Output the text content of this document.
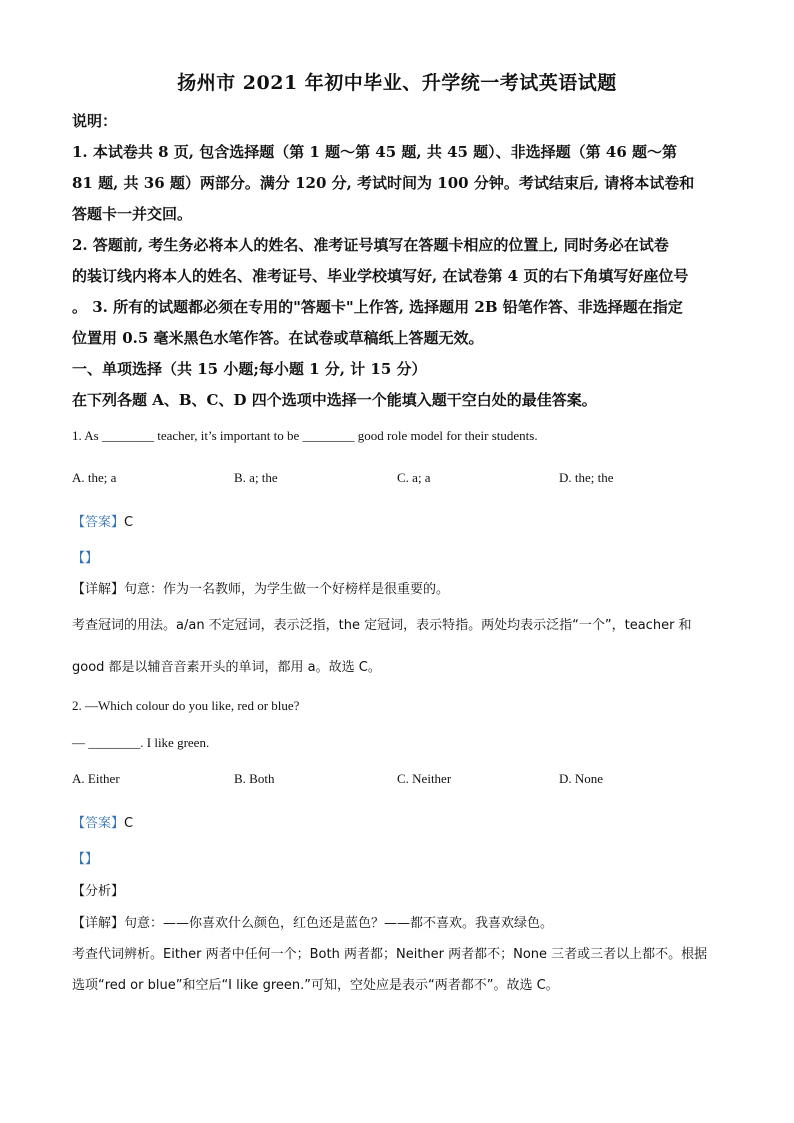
扬州市 2021 年初中毕业、升学统一考试英语试题
说明：
1. 本试卷共 8 页, 包含选择题（第 1 题～第 45 题, 共 45 题）、非选择题（第 46 题～第
81 题, 共 36 题）两部分。满分 120 分, 考试时间为 100 分钟。考试结束后, 请将本试卷和
答题卡一并交回。
2. 答题前, 考生务必将本人的姓名、准考证号填写在答题卡相应的位置上, 同时务必在试卷
的装订线内将本人的姓名、准考证号、毕业学校填写好, 在试卷第 4 页的右下角填写好座位号
。 3. 所有的试题都必须在专用的"答题卡"上作答, 选择题用 2B 铅笔作答、非选择题在指定
位置用 0.5 毫米黑色水笔作答。在试卷或草稿纸上答题无效。
一、单项选择（共 15 小题;每小题 1 分, 计 15 分）
在下列各题 A、B、C、D 四个选项中选择一个能填入题干空白处的最佳答案。
1. As ________ teacher, it’s important to be ________ good role model for their students.
A. the; a	B. a; the	C. a; a	D. the; the
【答案】C
【】
【详解】句意：作为一名教师，为学生做一个好榜样是很重要的。
考查冠词的用法。a/an 不定冠词，表示泛指，the 定冠词，表示特指。两处均表示泛指“一个”，teacher 和
good 都是以辅音音素开头的单词，都用 a。故选 C。
2. —Which colour do you like, red or blue?
— ________. I like green.
A. Either	B. Both	C. Neither	D. None
【答案】C
【】
【分析】
【详解】句意：——你喜欢什么颜色，红色还是蓝色？——都不喜欢。我喜欢绿色。
考查代词辨析。Either 两者中任何一个；Both 两者都；Neither 两者都不；None 三者或三者以上都不。根据
选项“red or blue”和空后“I like green.”可知，空处应是表示“两者都不”。故选 C。
